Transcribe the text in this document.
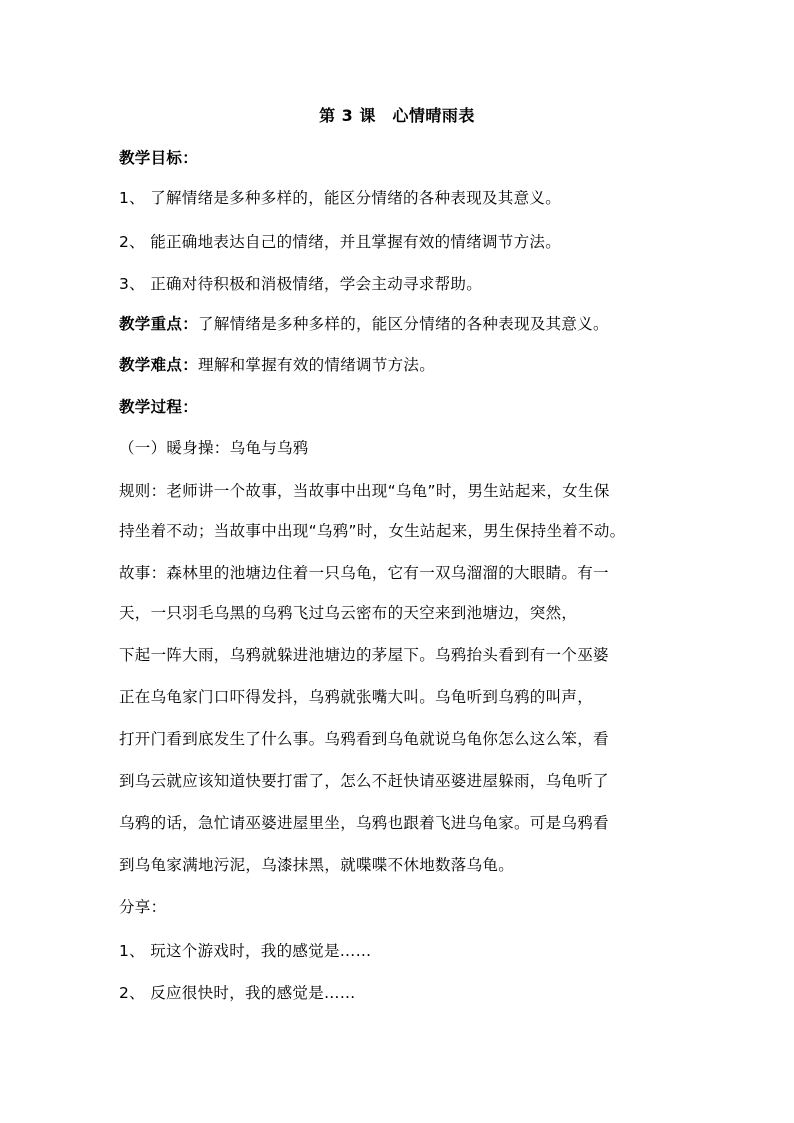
第 3 课　心情晴雨表
教学目标：
1、 了解情绪是多种多样的，能区分情绪的各种表现及其意义。
2、 能正确地表达自己的情绪，并且掌握有效的情绪调节方法。
3、 正确对待积极和消极情绪，学会主动寻求帮助。
教学重点：了解情绪是多种多样的，能区分情绪的各种表现及其意义。
教学难点：理解和掌握有效的情绪调节方法。
教学过程：
（一）暖身操：乌龟与乌鸦
规则：老师讲一个故事，当故事中出现“乌龟”时，男生站起来，女生保
持坐着不动；当故事中出现“乌鸦”时，女生站起来，男生保持坐着不动。
故事：森林里的池塘边住着一只乌龟，它有一双乌溜溜的大眼睛。有一
天，一只羽毛乌黑的乌鸦飞过乌云密布的天空来到池塘边，突然，
下起一阵大雨，乌鸦就躲进池塘边的茅屋下。乌鸦抬头看到有一个巫婆
正在乌龟家门口吓得发抖，乌鸦就张嘴大叫。乌龟听到乌鸦的叫声，
打开门看到底发生了什么事。乌鸦看到乌龟就说乌龟你怎么这么笨，看
到乌云就应该知道快要打雷了，怎么不赶快请巫婆进屋躲雨，乌龟听了
乌鸦的话，急忙请巫婆进屋里坐，乌鸦也跟着飞进乌龟家。可是乌鸦看
到乌龟家满地污泥，乌漆抹黑，就喋喋不休地数落乌龟。
分享：
1、 玩这个游戏时，我的感觉是……
2、 反应很快时，我的感觉是……
